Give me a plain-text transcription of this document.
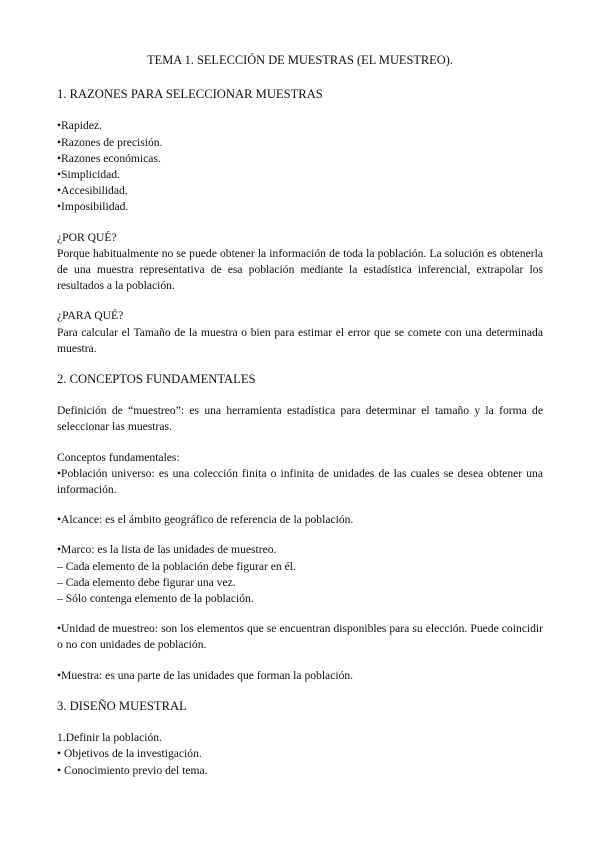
TEMA 1. SELECCIÓN DE MUESTRAS (EL MUESTREO).
1. RAZONES PARA SELECCIONAR MUESTRAS
•Rapidez.
•Razones de precisión.
•Razones económicas.
•Simplicidad.
•Accesibilidad.
•Imposibilidad.
¿POR QUÉ?
Porque habitualmente no se puede obtener la información de toda la población. La solución es obtenerla de una muestra representativa de esa población mediante la estadística inferencial, extrapolar los resultados a la población.
¿PARA QUÉ?
Para calcular el Tamaño de la muestra o bien para estimar el error que se comete con una determinada muestra.
2. CONCEPTOS FUNDAMENTALES
Definición de “muestreo”: es una herramienta estadística para determinar el tamaño y la forma de seleccionar las muestras.
Conceptos fundamentales:
•Población universo: es una colección finita o infinita de unidades de las cuales se desea obtener una información.
•Alcance: es el ámbito geográfico de referencia de la población.
•Marco: es la lista de las unidades de muestreo.
– Cada elemento de la población debe figurar en él.
– Cada elemento debe figurar una vez.
– Sólo contenga elemento de la población.
•Unidad de muestreo: son los elementos que se encuentran disponibles para su elección. Puede coincidir o no con unidades de población.
•Muestra: es una parte de las unidades que forman la población.
3. DISEÑO MUESTRAL
1.Definir la población.
• Objetivos de la investigación.
• Conocimiento previo del tema.
